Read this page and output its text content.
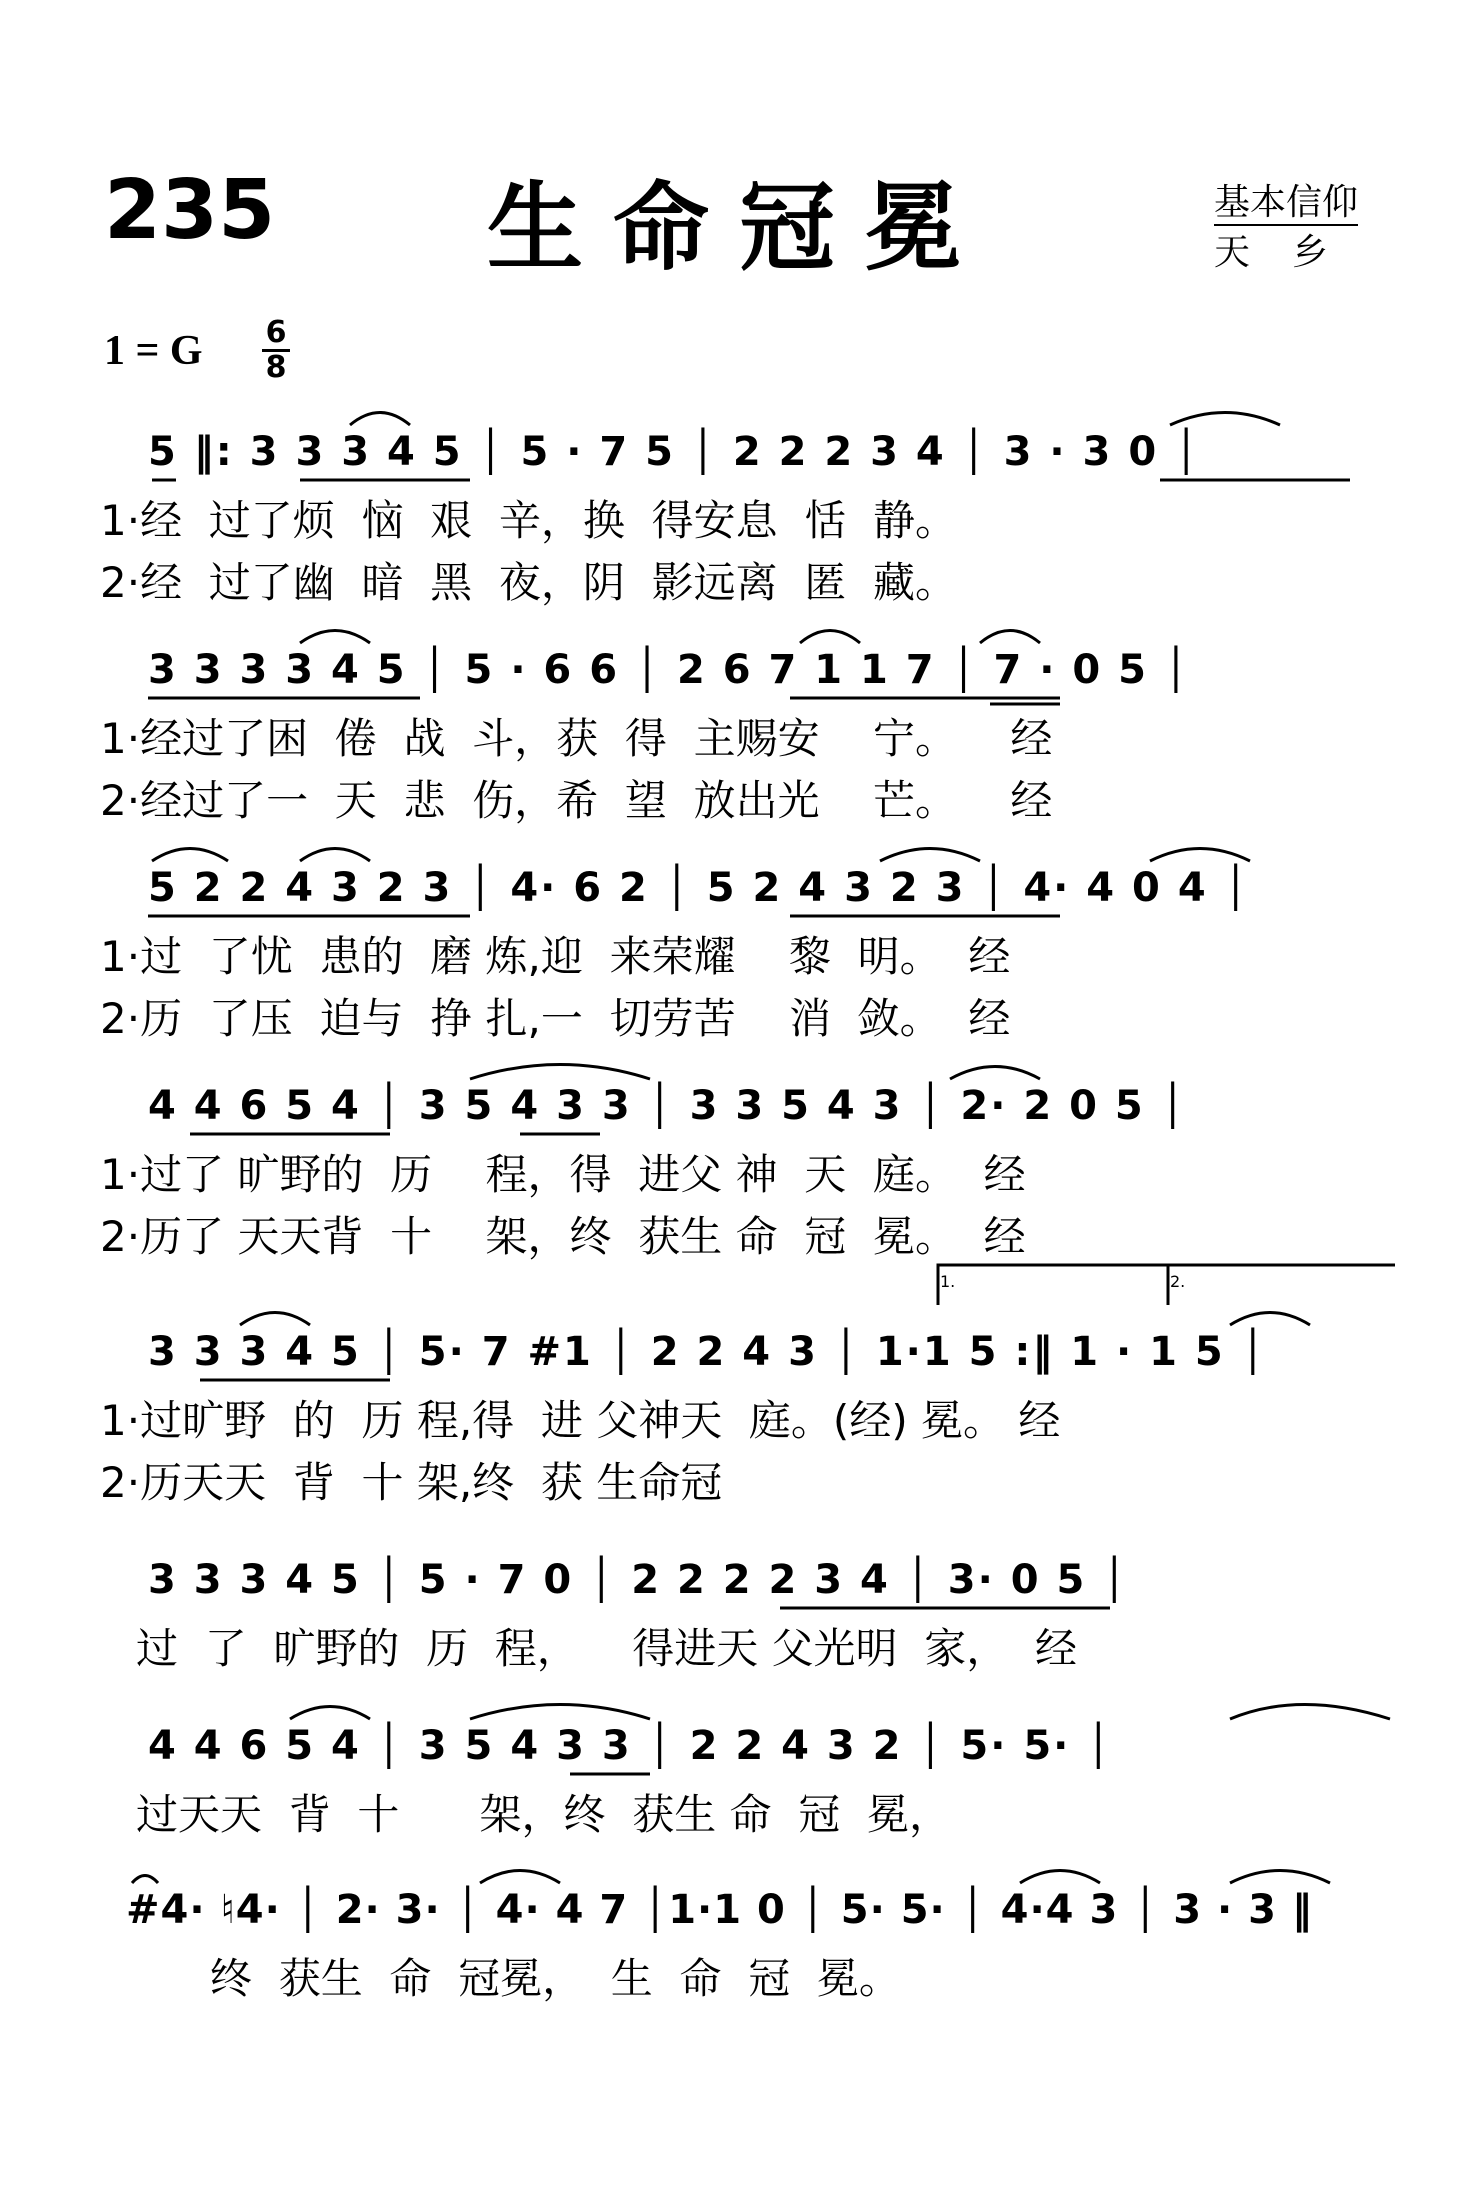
235 生命冠冕	基本信仰
天乡
1 = G $\frac{6}{8}$
5 ‖: 3 3 3 4 5 │ 5 · 7 5 │ 2 2 2 3 4 │ 3 · 3 0 │
1·经  过了烦  恼  艰  辛，换  得安息  恬  静。
2·经  过了幽  暗  黑  夜，阴  影远离  匿  藏。
3 3 3 3 4 5 │ 5 · 6 6 │ 2 6 7 1 1 7 │ 7 · 0 5 │
1·经过了困  倦  战  斗，获  得  主赐安    宁。    经
2·经过了一  天  悲  伤，希  望  放出光    芒。    经
5 2 2 4 3 2 3 │ 4· 6 2 │ 5 2 4 3 2 3 │ 4· 4 0 4 │
1·过  了忧  患的  磨 炼,迎  来荣耀    黎  明。  经
2·历  了压  迫与  挣 扎,一  切劳苦    消  敛。  经
4 4 6 5 4 │ 3 5 4 3 3 │ 3 3 5 4 3 │ 2· 2 0 5 │
1·过了 旷野的  历    程，得  进父 神  天  庭。  经
2·历了 天天背  十    架，终  获生 命  冠  冕。  经
1.	2.
3 3 3 4 5 │ 5· 7 #1 │ 2 2 4 3 │ 1·1 5 :‖ 1 · 1 5 │
1·过旷野  的  历 程,得  进 父神天  庭。(经) 冕。 经
2·历天天  背  十 架,终  获 生命冠
3 3 3 4 5 │ 5 · 7 0 │ 2 2 2 2 3 4 │ 3· 0 5 │
过  了  旷野的  历  程，    得进天 父光明  家，  经
4 4 6 5 4 │ 3 5 4 3 3 │ 2 2 4 3 2 │ 5· 5· │
过天天  背  十      架，终  获生 命  冠  冕，
#4· ♮4· │ 2· 3· │ 4· 4 7 │1·1 0 │ 5· 5· │ 4·4 3 │ 3 · 3 ‖
终  获生  命  冠冕，  生  命  冠  冕。
